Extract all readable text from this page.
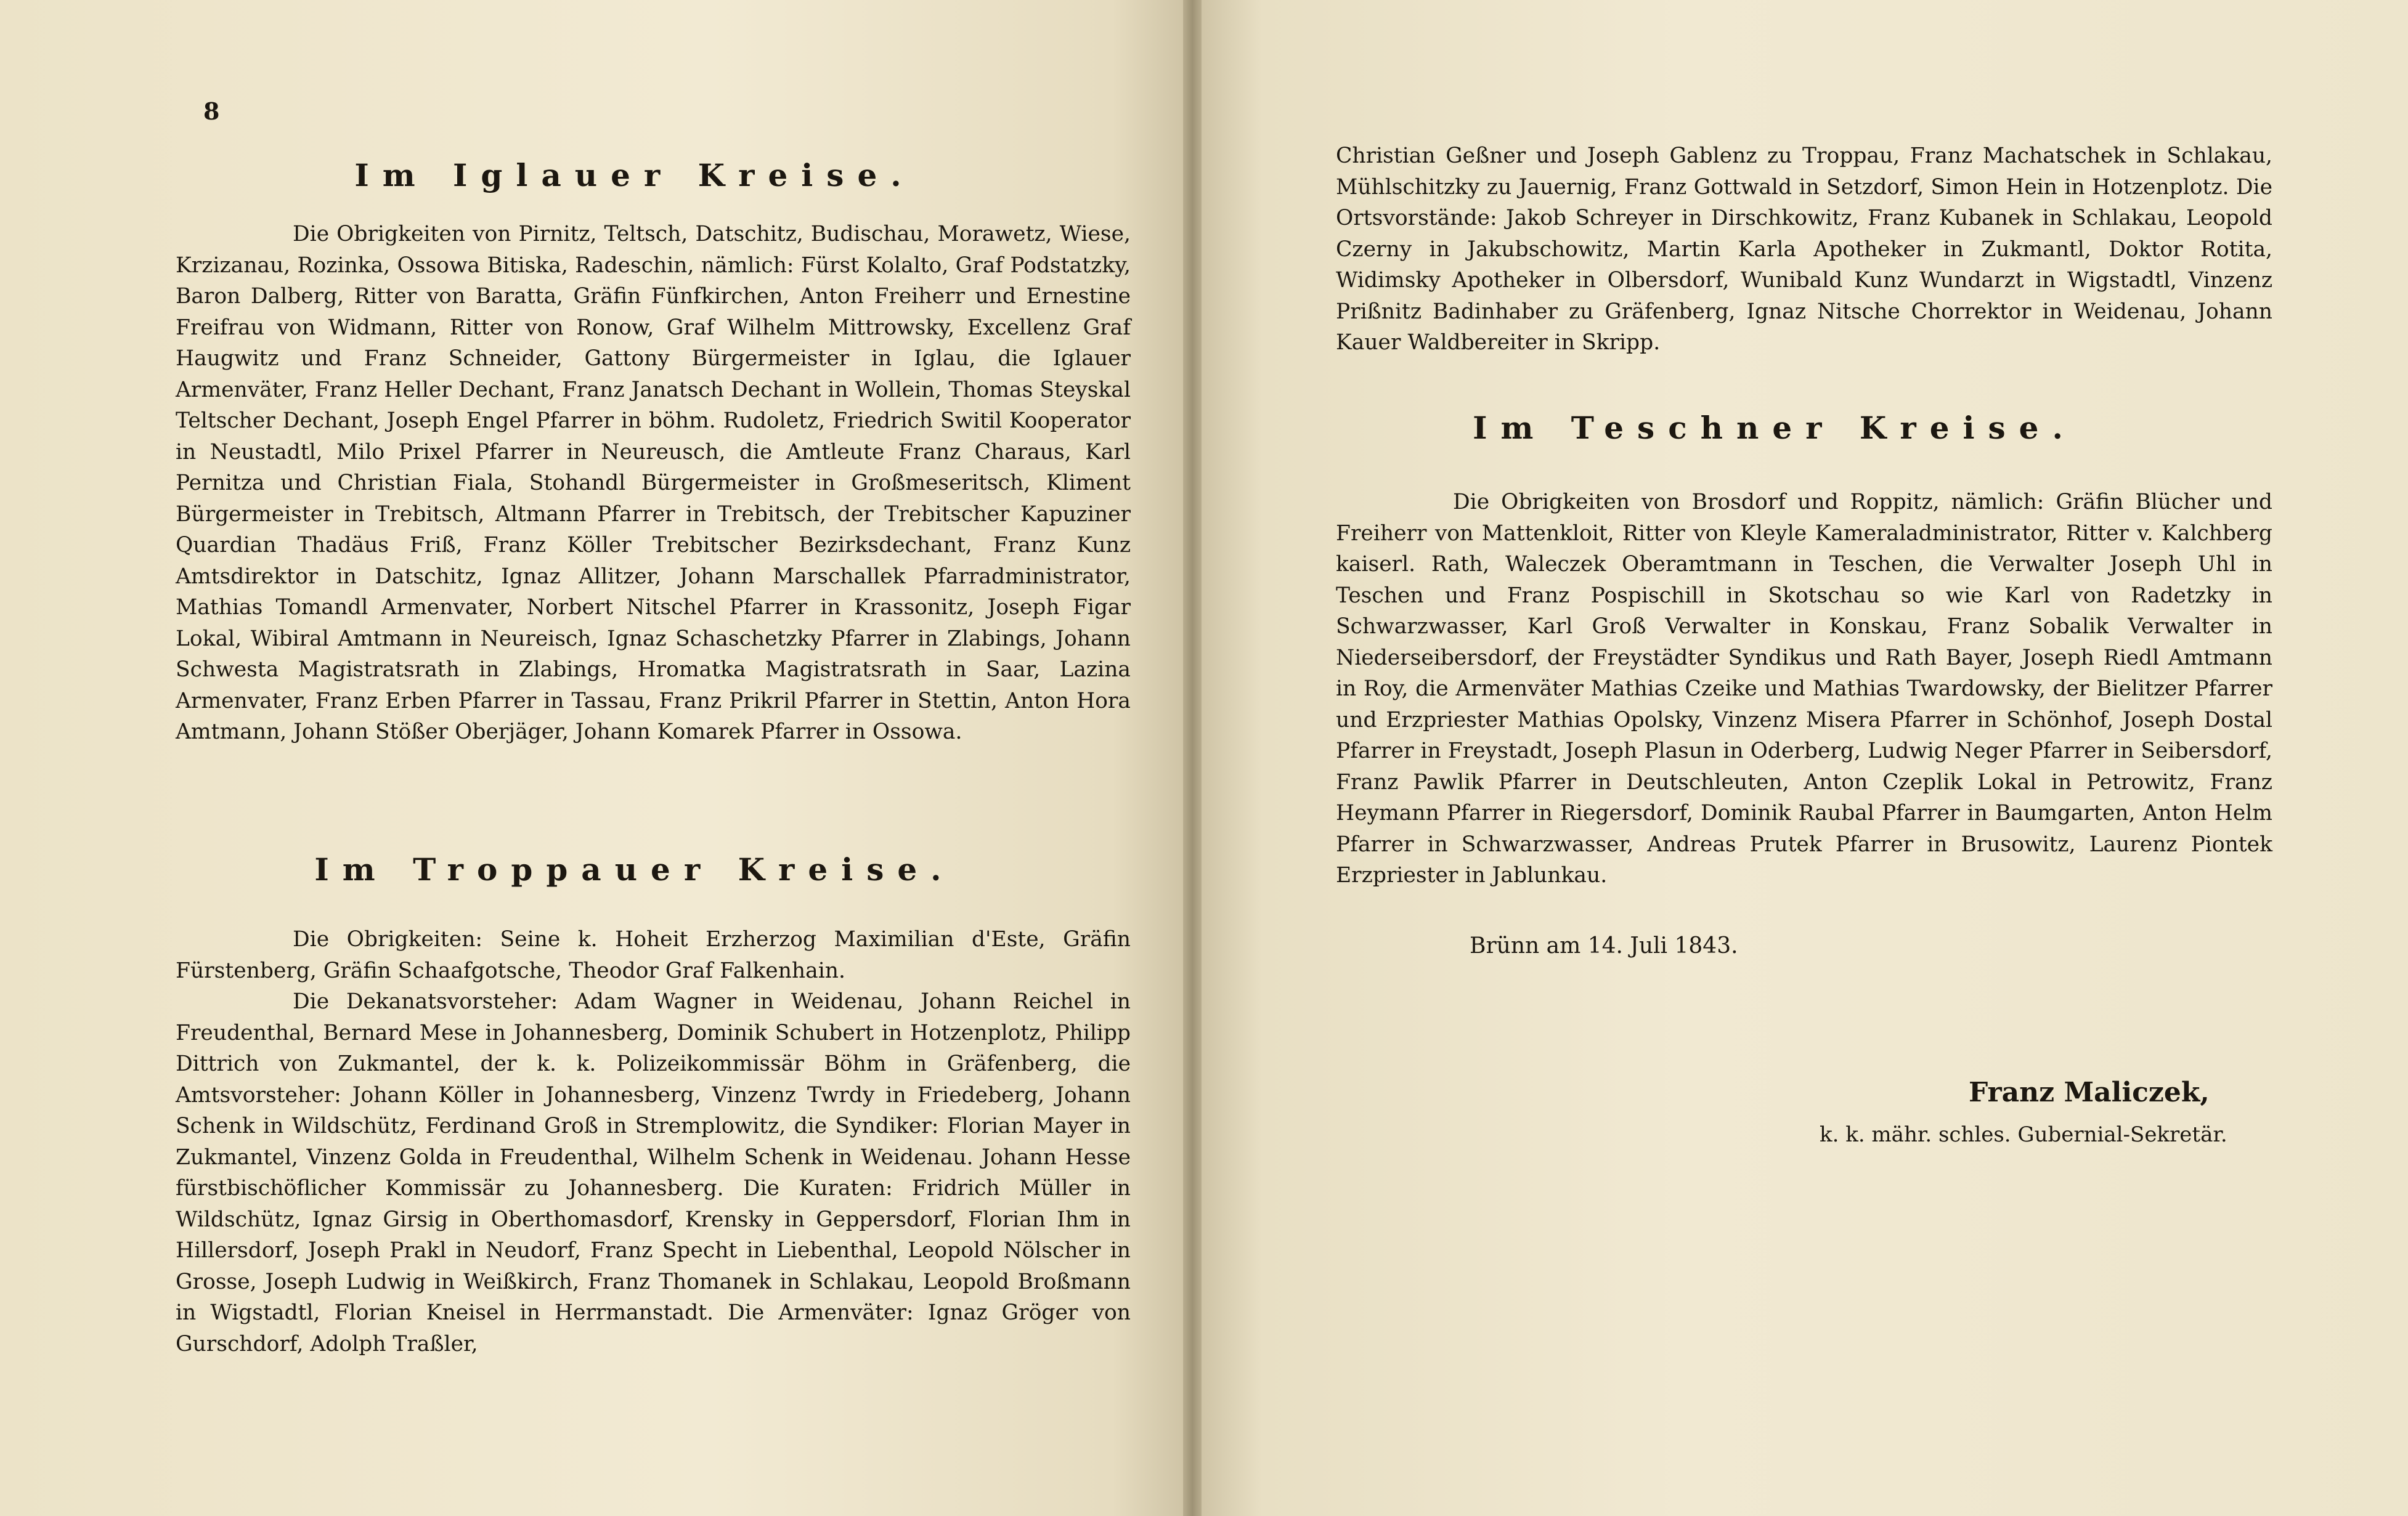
8
Im Iglauer Kreise.

Die Obrigkeiten von Pirnitz, Teltsch, Datschitz, Budischau, Morawetz, Wiese, Krzizanau, Rozinka, Ossowa Bitiska, Radeschin, nämlich: Fürst Kolalto, Graf Podstatzky, Baron Dalberg, Ritter von Baratta, Gräfin Fünfkirchen, Anton Freiherr und Ernestine Freifrau von Widmann, Ritter von Ronow, Graf Wilhelm Mittrowsky, Excellenz Graf Haugwitz und Franz Schneider, Gattony Bürgermeister in Iglau, die Iglauer Armenväter, Franz Heller Dechant, Franz Janatsch Dechant in Wollein, Thomas Steyskal Teltscher Dechant, Joseph Engel Pfarrer in böhm. Rudoletz, Friedrich Switil Kooperator in Neustadtl, Milo Prixel Pfarrer in Neureusch, die Amtleute Franz Charaus, Karl Pernitza und Christian Fiala, Stohandl Bürgermeister in Großmeseritsch, Kliment Bürgermeister in Trebitsch, Altmann Pfarrer in Trebitsch, der Trebitscher Kapuziner Quardian Thadäus Friß, Franz Köller Trebitscher Bezirksdechant, Franz Kunz Amtsdirektor in Datschitz, Ignaz Allitzer, Johann Marschallek Pfarradministrator, Mathias Tomandl Armenvater, Norbert Nitschel Pfarrer in Krassonitz, Joseph Figar Lokal, Wibiral Amtmann in Neureisch, Ignaz Schaschetzky Pfarrer in Zlabings, Johann Schwesta Magistratsrath in Zlabings, Hromatka Magistratsrath in Saar, Lazina Armenvater, Franz Erben Pfarrer in Tassau, Franz Prikril Pfarrer in Stettin, Anton Hora Amtmann, Johann Stößer Oberjäger, Johann Komarek Pfarrer in Ossowa.

Im Troppauer Kreise.

Die Obrigkeiten: Seine k. Hoheit Erzherzog Maximilian d'Este, Gräfin Fürstenberg, Gräfin Schaafgotsche, Theodor Graf Falkenhain.

Die Dekanatsvorsteher: Adam Wagner in Weidenau, Johann Reichel in Freudenthal, Bernard Mese in Johannesberg, Dominik Schubert in Hotzenplotz, Philipp Dittrich von Zukmantel, der k. k. Polizeikommissär Böhm in Gräfenberg, die Amtsvorsteher: Johann Köller in Johannesberg, Vinzenz Twrdy in Friedeberg, Johann Schenk in Wildschütz, Ferdinand Groß in Stremplowitz, die Syndiker: Florian Mayer in Zukmantel, Vinzenz Golda in Freudenthal, Wilhelm Schenk in Weidenau. Johann Hesse fürstbischöflicher Kommissär zu Johannesberg. Die Kuraten: Fridrich Müller in Wildschütz, Ignaz Girsig in Oberthomasdorf, Krensky in Geppersdorf, Florian Ihm in Hillersdorf, Joseph Prakl in Neudorf, Franz Specht in Liebenthal, Leopold Nölscher in Grosse, Joseph Ludwig in Weißkirch, Franz Thomanek in Schlakau, Leopold Broßmann in Wigstadtl, Florian Kneisel in Herrmanstadt. Die Armenväter: Ignaz Gröger von Gurschdorf, Adolph Traßler,

Christian Geßner und Joseph Gablenz zu Troppau, Franz Machatschek in Schlakau, Mühlschitzky zu Jauernig, Franz Gottwald in Setzdorf, Simon Hein in Hotzenplotz. Die Ortsvorstände: Jakob Schreyer in Dirschkowitz, Franz Kubanek in Schlakau, Leopold Czerny in Jakubschowitz, Martin Karla Apotheker in Zukmantl, Doktor Rotita, Widimsky Apotheker in Olbersdorf, Wunibald Kunz Wundarzt in Wigstadtl, Vinzenz Prißnitz Badinhaber zu Gräfenberg, Ignaz Nitsche Chorrektor in Weidenau, Johann Kauer Waldbereiter in Skripp.

Im Teschner Kreise.

Die Obrigkeiten von Brosdorf und Roppitz, nämlich: Gräfin Blücher und Freiherr von Mattenkloit, Ritter von Kleyle Kameraladministrator, Ritter v. Kalchberg kaiserl. Rath, Waleczek Oberamtmann in Teschen, die Verwalter Joseph Uhl in Teschen und Franz Pospischill in Skotschau so wie Karl von Radetzky in Schwarzwasser, Karl Groß Verwalter in Konskau, Franz Sobalik Verwalter in Niederseibersdorf, der Freystädter Syndikus und Rath Bayer, Joseph Riedl Amtmann in Roy, die Armenväter Mathias Czeike und Mathias Twardowsky, der Bielitzer Pfarrer und Erzpriester Mathias Opolsky, Vinzenz Misera Pfarrer in Schönhof, Joseph Dostal Pfarrer in Freystadt, Joseph Plasun in Oderberg, Ludwig Neger Pfarrer in Seibersdorf, Franz Pawlik Pfarrer in Deutschleuten, Anton Czeplik Lokal in Petrowitz, Franz Heymann Pfarrer in Riegersdorf, Dominik Raubal Pfarrer in Baumgarten, Anton Helm Pfarrer in Schwarzwasser, Andreas Prutek Pfarrer in Brusowitz, Laurenz Piontek Erzpriester in Jablunkau.

Brünn am 14. Juli 1843.
Franz Maliczek,
k. k. mähr. schles. Gubernial-Sekretär.
